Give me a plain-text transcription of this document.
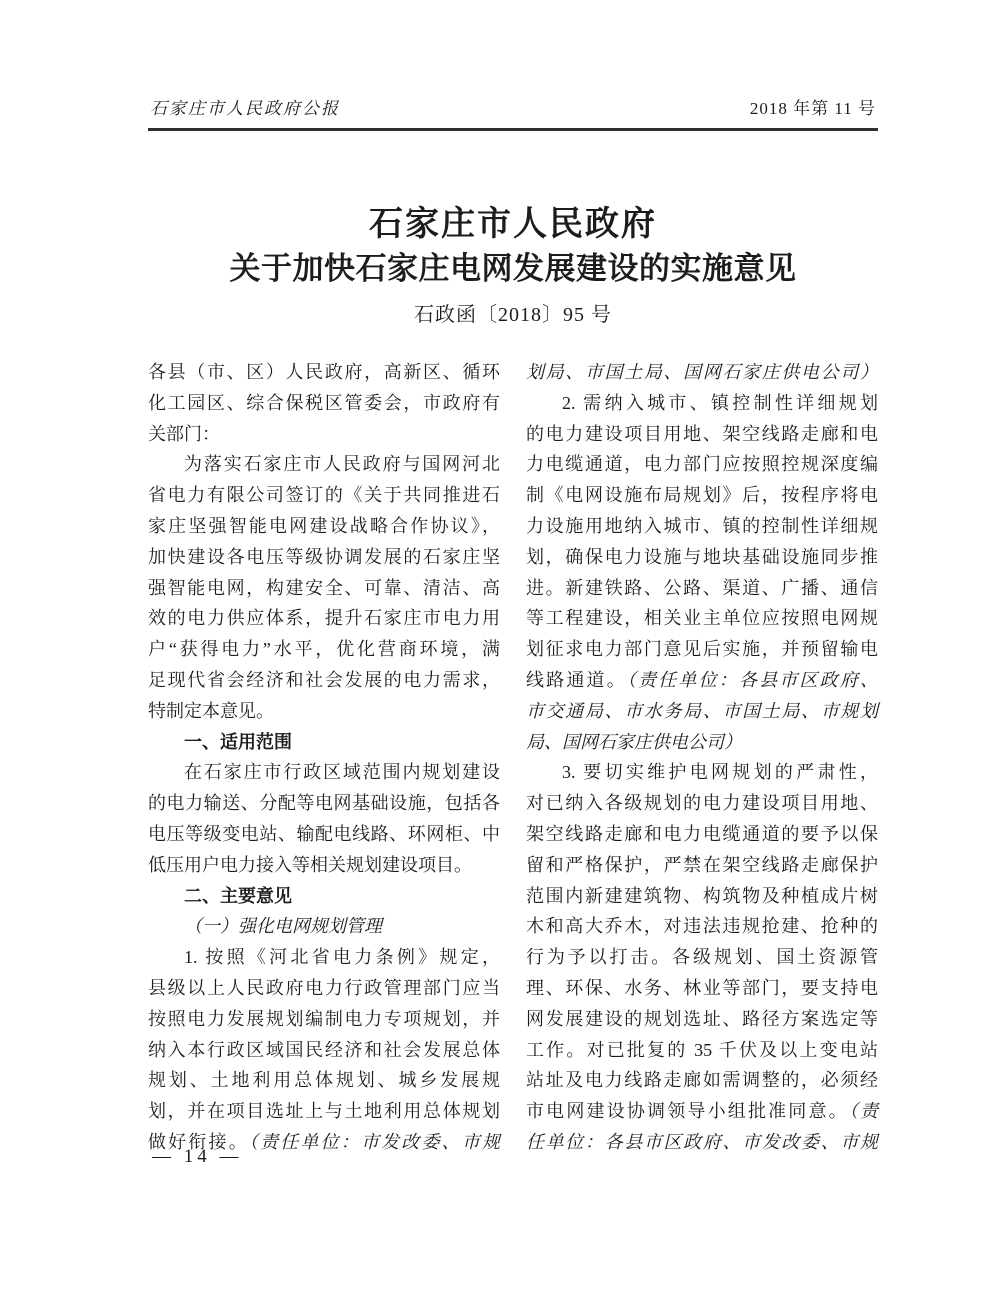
石家庄市人民政府公报	2018 年第 11 号
石家庄市人民政府
关于加快石家庄电网发展建设的实施意见
石政函〔2018〕95 号
各县（市、区）人民政府，高新区、循环
化工园区、综合保税区管委会，市政府有
关部门：
为落实石家庄市人民政府与国网河北
省电力有限公司签订的《关于共同推进石
家庄坚强智能电网建设战略合作协议》，
加快建设各电压等级协调发展的石家庄坚
强智能电网，构建安全、可靠、清洁、高
效的电力供应体系，提升石家庄市电力用
户“获得电力”水平，优化营商环境，满
足现代省会经济和社会发展的电力需求，
特制定本意见。
一、适用范围
在石家庄市行政区域范围内规划建设
的电力输送、分配等电网基础设施，包括各
电压等级变电站、输配电线路、环网柜、中
低压用户电力接入等相关规划建设项目。
二、主要意见
（一）强化电网规划管理
1. 按照《河北省电力条例》规定，
县级以上人民政府电力行政管理部门应当
按照电力发展规划编制电力专项规划，并
纳入本行政区域国民经济和社会发展总体
规划、土地利用总体规划、城乡发展规
划，并在项目选址上与土地利用总体规划
做好衔接。（责任单位：市发改委、市规
划局、市国土局、国网石家庄供电公司）
2. 需纳入城市、镇控制性详细规划
的电力建设项目用地、架空线路走廊和电
力电缆通道，电力部门应按照控规深度编
制《电网设施布局规划》后，按程序将电
力设施用地纳入城市、镇的控制性详细规
划，确保电力设施与地块基础设施同步推
进。新建铁路、公路、渠道、广播、通信
等工程建设，相关业主单位应按照电网规
划征求电力部门意见后实施，并预留输电
线路通道。（责任单位：各县市区政府、
市交通局、市水务局、市国土局、市规划
局、国网石家庄供电公司）
3. 要切实维护电网规划的严肃性，
对已纳入各级规划的电力建设项目用地、
架空线路走廊和电力电缆通道的要予以保
留和严格保护，严禁在架空线路走廊保护
范围内新建建筑物、构筑物及种植成片树
木和高大乔木，对违法违规抢建、抢种的
行为予以打击。各级规划、国土资源管
理、环保、水务、林业等部门，要支持电
网发展建设的规划选址、路径方案选定等
工作。对已批复的 35 千伏及以上变电站
站址及电力线路走廊如需调整的，必须经
市电网建设协调领导小组批准同意。（责
任单位：各县市区政府、市发改委、市规
— 14 —
